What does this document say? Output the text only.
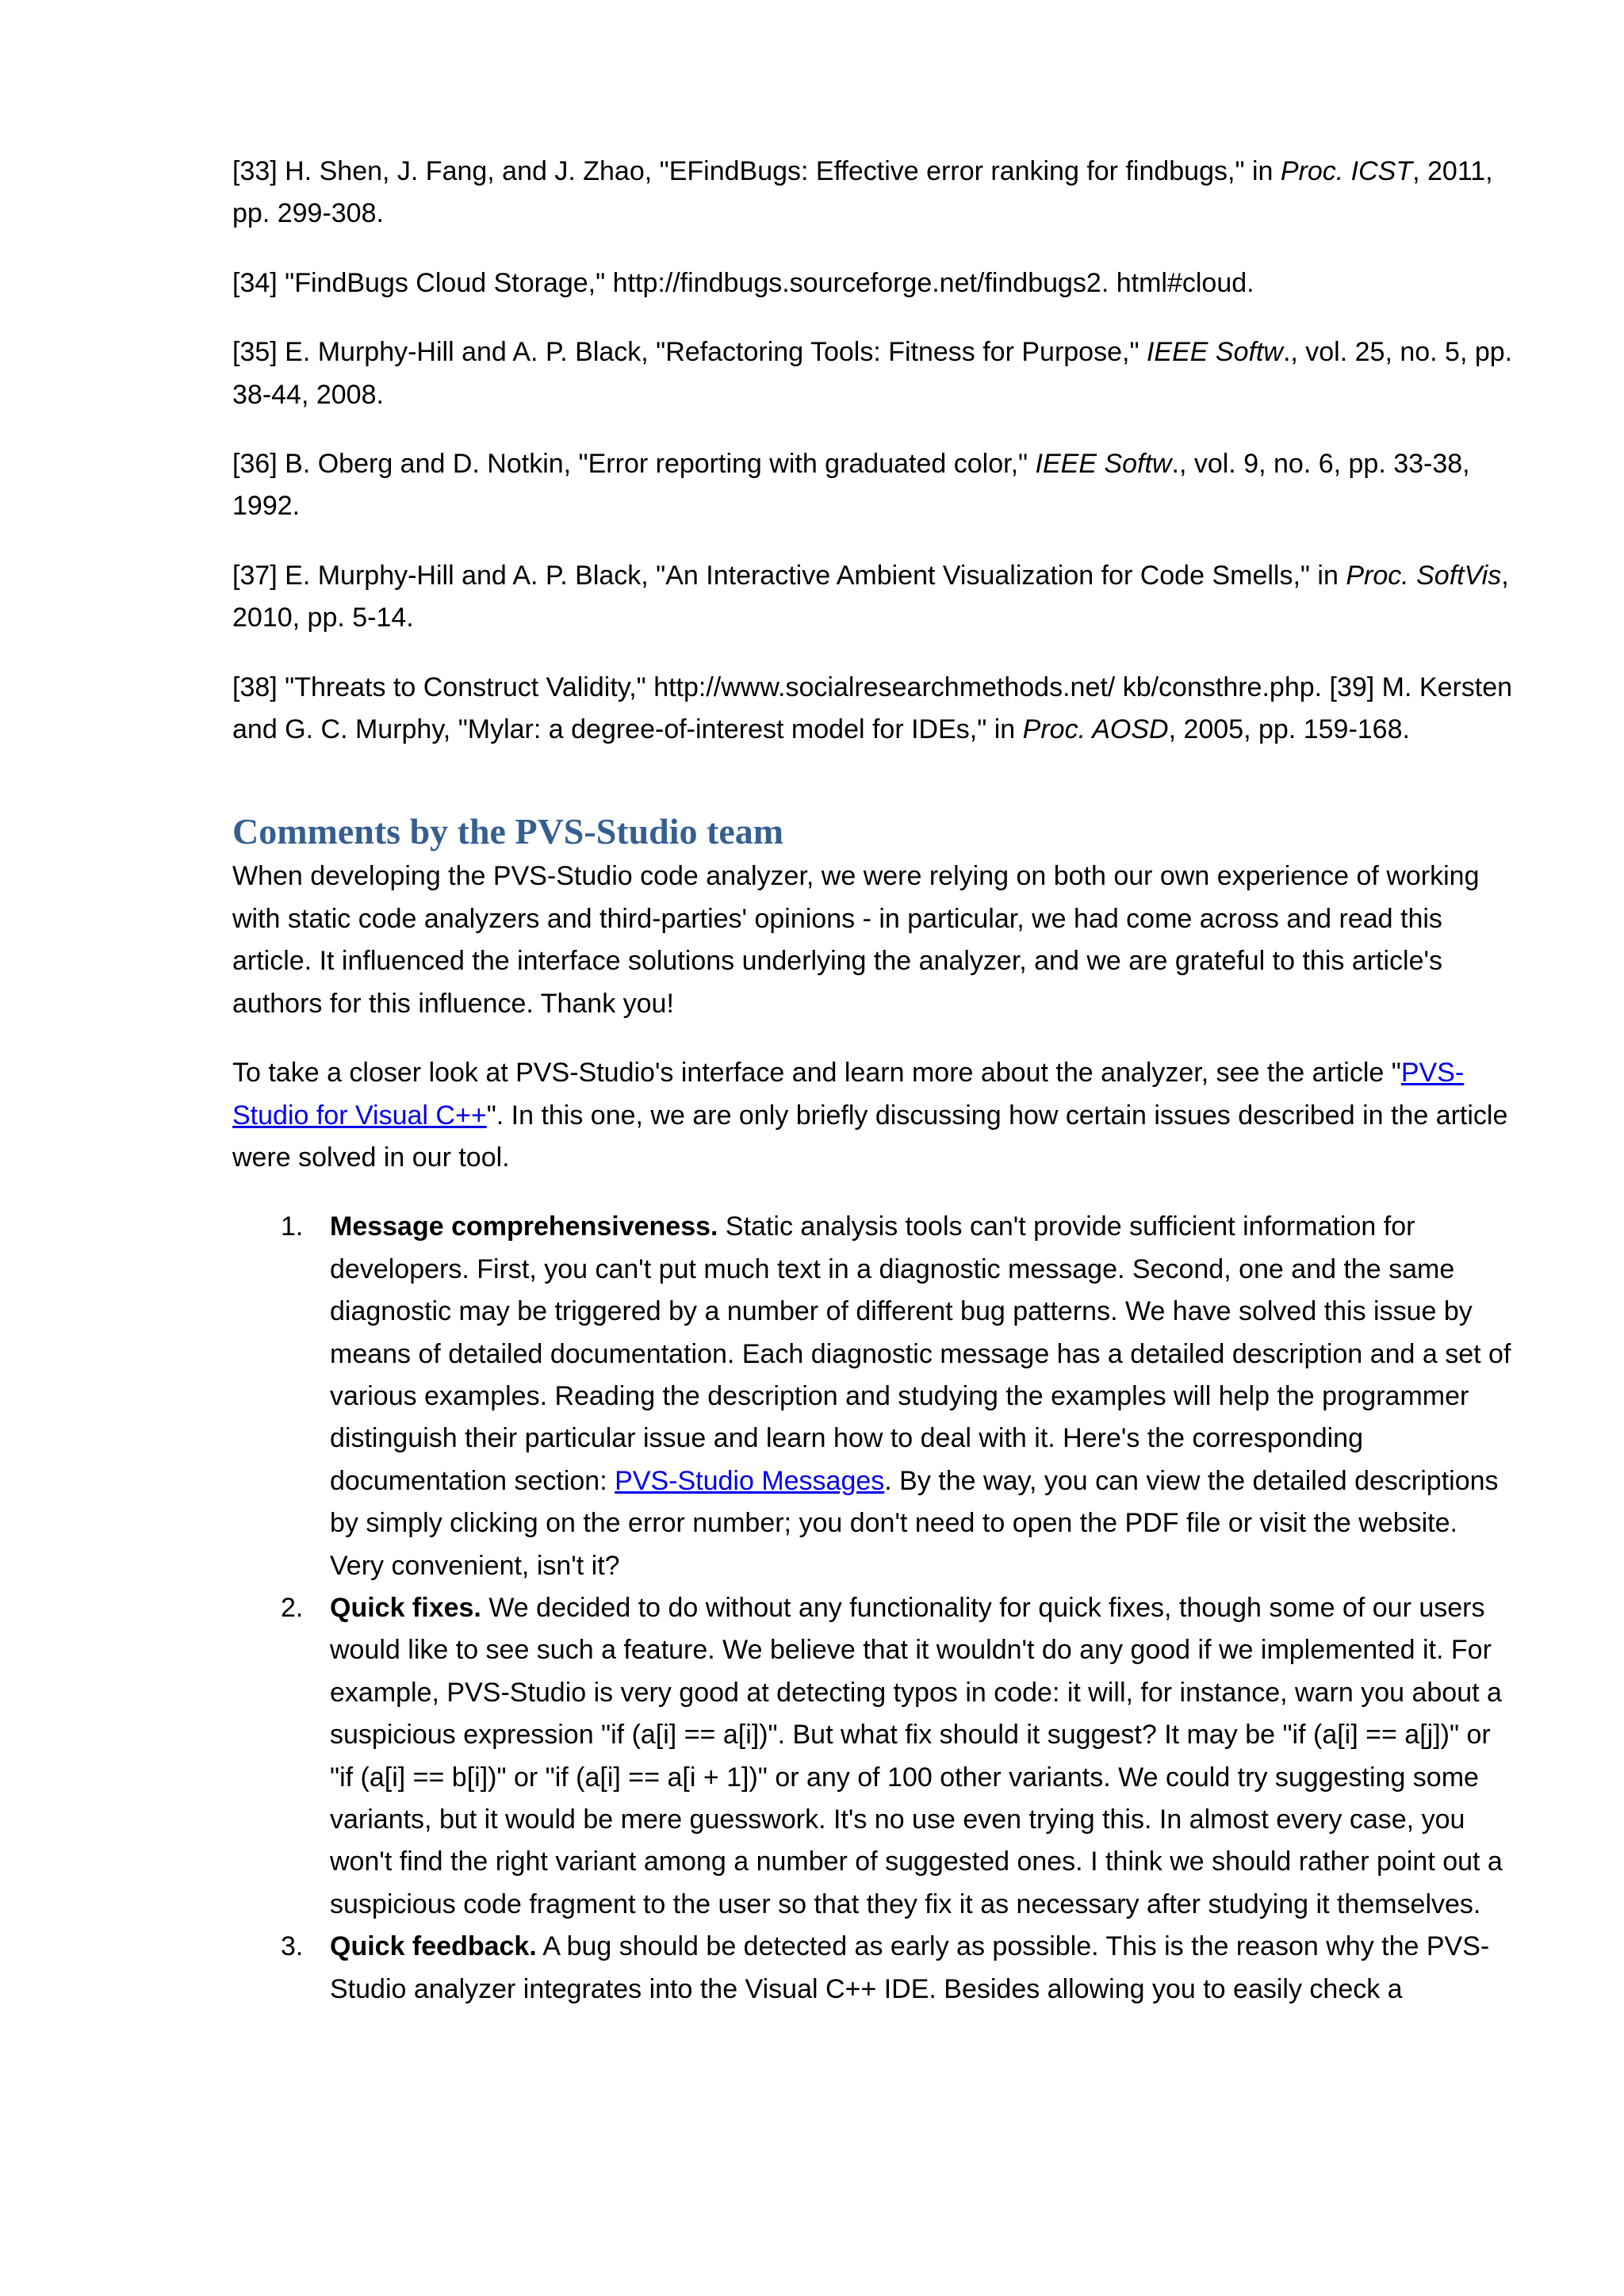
[33] H. Shen, J. Fang, and J. Zhao, "EFindBugs: Effective error ranking for findbugs," in Proc. ICST, 2011, pp. 299-308.

[34] "FindBugs Cloud Storage," http://findbugs.sourceforge.net/findbugs2. html#cloud.

[35] E. Murphy-Hill and A. P. Black, "Refactoring Tools: Fitness for Purpose," IEEE Softw., vol. 25, no. 5, pp. 38-44, 2008.

[36] B. Oberg and D. Notkin, "Error reporting with graduated color," IEEE Softw., vol. 9, no. 6, pp. 33-38, 1992.

[37] E. Murphy-Hill and A. P. Black, "An Interactive Ambient Visualization for Code Smells," in Proc. SoftVis, 2010, pp. 5-14.

[38] "Threats to Construct Validity," http://www.socialresearchmethods.net/ kb/consthre.php. [39] M. Kersten and G. C. Murphy, "Mylar: a degree-of-interest model for IDEs," in Proc. AOSD, 2005, pp. 159-168.

Comments by the PVS-Studio team

When developing the PVS-Studio code analyzer, we were relying on both our own experience of working with static code analyzers and third-parties' opinions - in particular, we had come across and read this article. It influenced the interface solutions underlying the analyzer, and we are grateful to this article's authors for this influence. Thank you!

To take a closer look at PVS-Studio's interface and learn more about the analyzer, see the article "PVS-Studio for Visual C++". In this one, we are only briefly discussing how certain issues described in the article were solved in our tool.

1. Message comprehensiveness. Static analysis tools can't provide sufficient information for developers. First, you can't put much text in a diagnostic message. Second, one and the same diagnostic may be triggered by a number of different bug patterns. We have solved this issue by means of detailed documentation. Each diagnostic message has a detailed description and a set of various examples. Reading the description and studying the examples will help the programmer distinguish their particular issue and learn how to deal with it. Here's the corresponding documentation section: PVS-Studio Messages. By the way, you can view the detailed descriptions by simply clicking on the error number; you don't need to open the PDF file or visit the website. Very convenient, isn't it?
2. Quick fixes. We decided to do without any functionality for quick fixes, though some of our users would like to see such a feature. We believe that it wouldn't do any good if we implemented it. For example, PVS-Studio is very good at detecting typos in code: it will, for instance, warn you about a suspicious expression "if (a[i] == a[i])". But what fix should it suggest? It may be "if (a[i] == a[j])" or "if (a[i] == b[i])" or "if (a[i] == a[i + 1])" or any of 100 other variants. We could try suggesting some variants, but it would be mere guesswork. It's no use even trying this. In almost every case, you won't find the right variant among a number of suggested ones. I think we should rather point out a suspicious code fragment to the user so that they fix it as necessary after studying it themselves.
3. Quick feedback. A bug should be detected as early as possible. This is the reason why the PVS-Studio analyzer integrates into the Visual C++ IDE. Besides allowing you to easily check a
